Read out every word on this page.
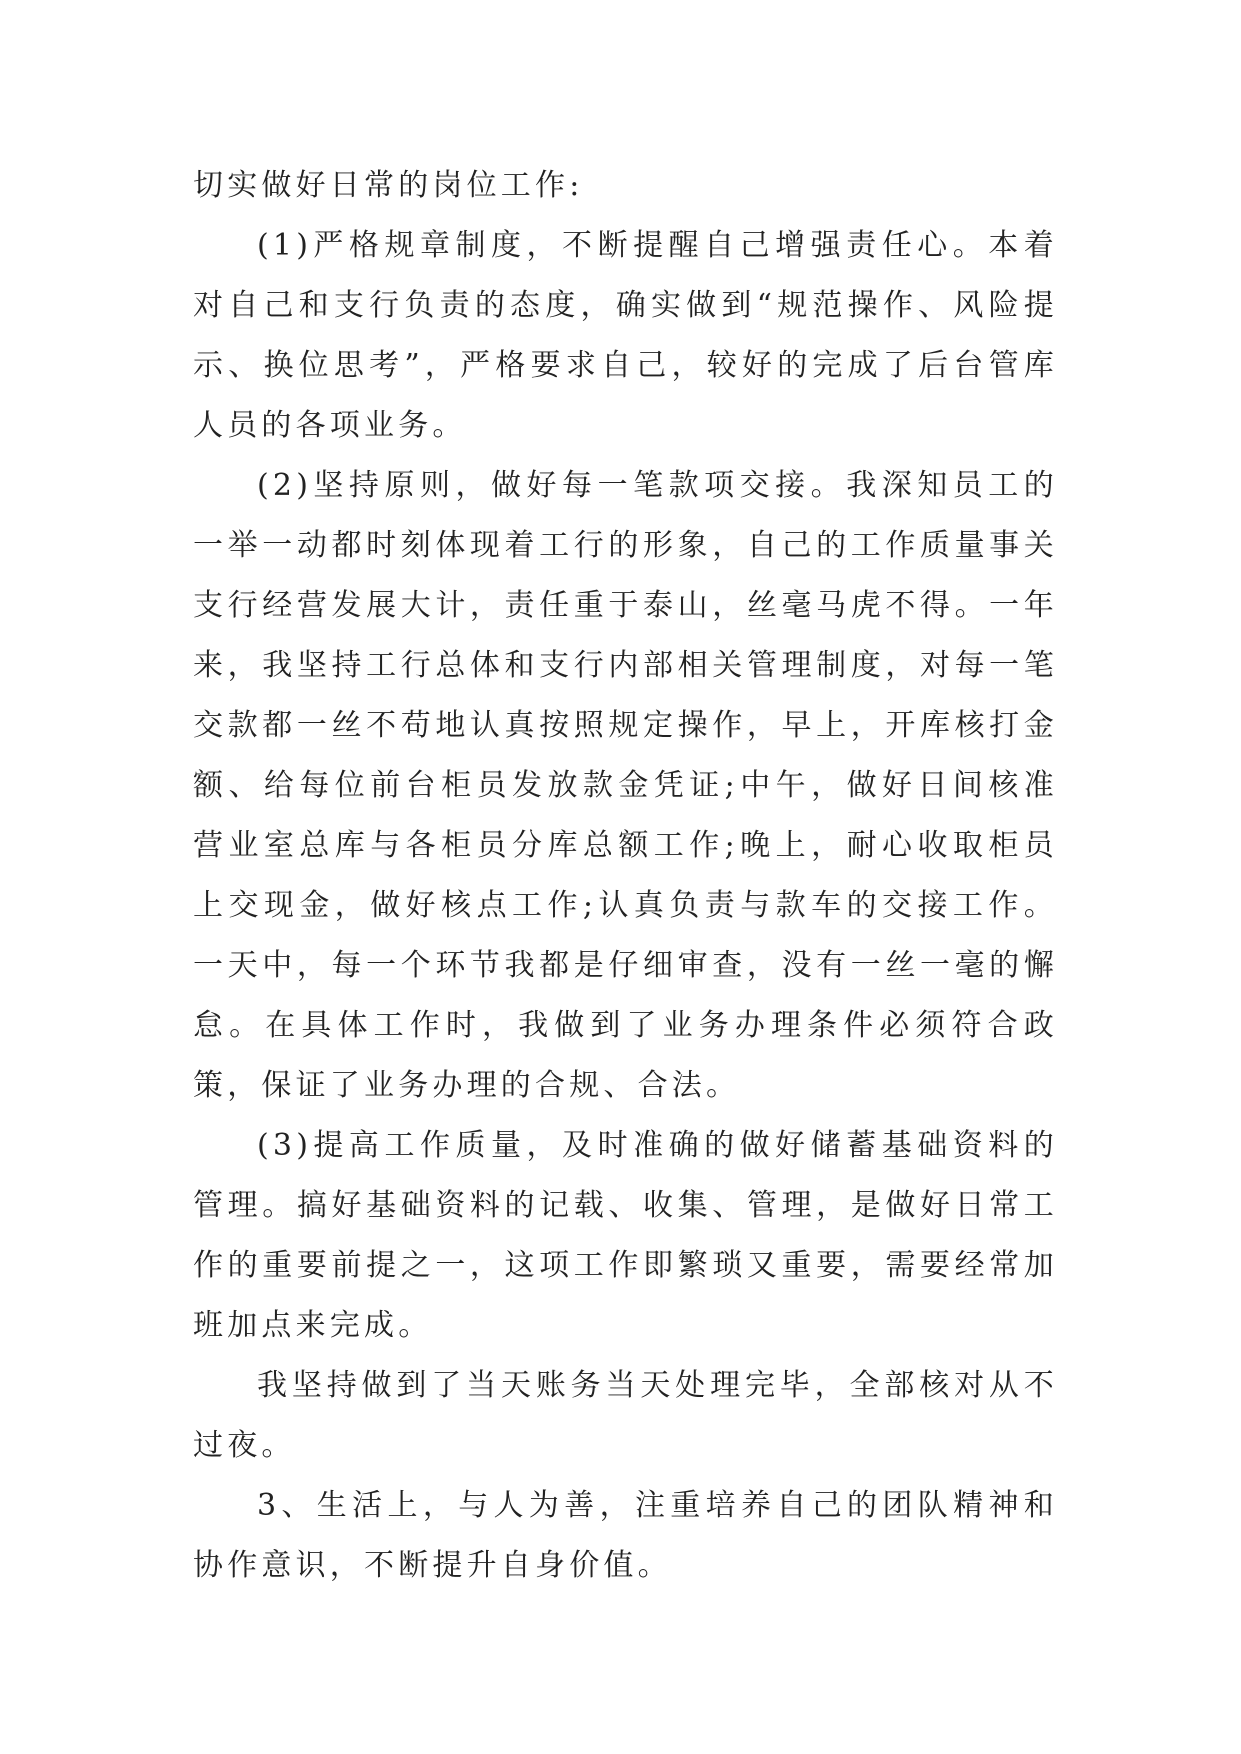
切实做好日常的岗位工作:

(1)严格规章制度，不断提醒自己增强责任心。本着对自己和支行负责的态度，确实做到“规范操作、风险提示、换位思考”，严格要求自己，较好的完成了后台管库人员的各项业务。

(2)坚持原则，做好每一笔款项交接。我深知员工的一举一动都时刻体现着工行的形象，自己的工作质量事关支行经营发展大计，责任重于泰山，丝毫马虎不得。一年来，我坚持工行总体和支行内部相关管理制度，对每一笔交款都一丝不苟地认真按照规定操作，早上，开库核打金额、给每位前台柜员发放款金凭证;中午，做好日间核准营业室总库与各柜员分库总额工作;晚上，耐心收取柜员上交现金，做好核点工作;认真负责与款车的交接工作。一天中，每一个环节我都是仔细审查，没有一丝一毫的懈怠。在具体工作时，我做到了业务办理条件必须符合政策，保证了业务办理的合规、合法。

(3)提高工作质量，及时准确的做好储蓄基础资料的管理。搞好基础资料的记载、收集、管理，是做好日常工作的重要前提之一，这项工作即繁琐又重要，需要经常加班加点来完成。

我坚持做到了当天账务当天处理完毕，全部核对从不过夜。

3、生活上，与人为善，注重培养自己的团队精神和协作意识，不断提升自身价值。
